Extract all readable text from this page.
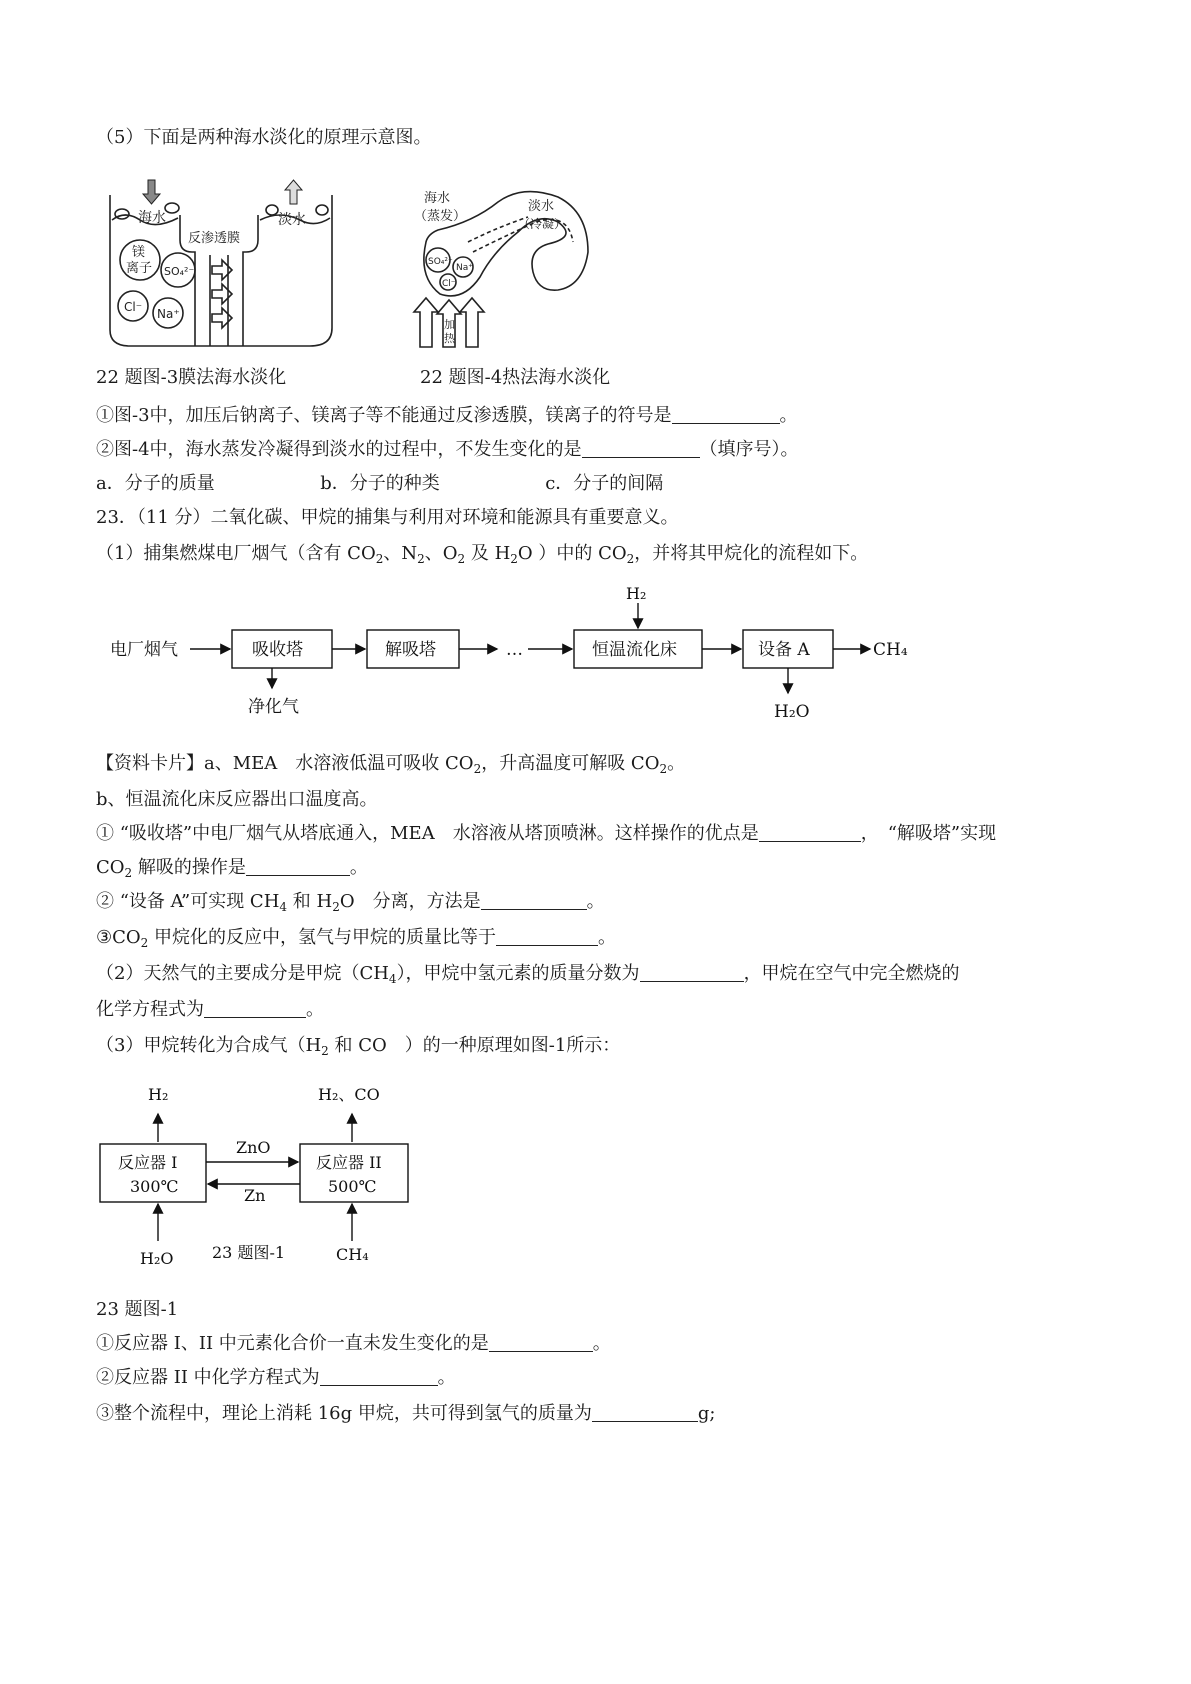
（5）下面是两种海水淡化的原理示意图。
海水	淡水
反渗透膜
镁
离子 SO₄²⁻
Cl⁻ Na⁺
海水
（蒸发）
淡水
（冷凝）
SO₄²⁻
Na⁺
Cl⁻
加
热
22 题图-3膜法海水淡化	22 题图-4热法海水淡化
①图-3中，加压后钠离子、镁离子等不能通过反渗透膜，镁离子的符号是	。
②图-4中，海水蒸发冷凝得到淡水的过程中，不发生变化的是	（填序号）。
a．分子的质量	b．分子的种类	c．分子的间隔
23．（11 分）二氧化碳、甲烷的捕集与利用对环境和能源具有重要意义。
（1）捕集燃煤电厂烟气（含有 $CO_2$、$N_2$、$O_2$ 及 $H_2O$ ）中的 $CO_2$，并将其甲烷化的流程如下。
电厂烟气	吸收塔	解吸塔	…	恒温流化床	设备 A	CH₄
H₂
净化气	H₂O
【资料卡片】a、MEA　水溶液低温可吸收 $CO_2$，升高温度可解吸 $CO_2$。
b、恒温流化床反应器出口温度高。
① “吸收塔”中电厂烟气从塔底通入，MEA　水溶液从塔顶喷淋。这样操作的优点是	，　“解吸塔”实现
$CO_2$ 解吸的操作是	。
② “设备 A”可实现 $CH_4$ 和 $H_2O$　分离，方法是	。
$③CO_2$ 甲烷化的反应中，氢气与甲烷的质量比等于	。
（2）天然气的主要成分是甲烷$(CH_4)$，甲烷中氢元素的质量分数为	，甲烷在空气中完全燃烧的
化学方程式为	。
（3）甲烷转化为合成气（$H_2$ 和 CO　）的一种原理如图-1所示：
反应器 I
300℃
反应器 II
500℃
ZnO
Zn
H₂	H₂、CO
H₂O	CH₄
23 题图-1
23 题图-1
①反应器 I、II 中元素化合价一直未发生变化的是	。
②反应器 II 中化学方程式为	。
③整个流程中，理论上消耗 16g 甲烷，共可得到氢气的质量为	g;
